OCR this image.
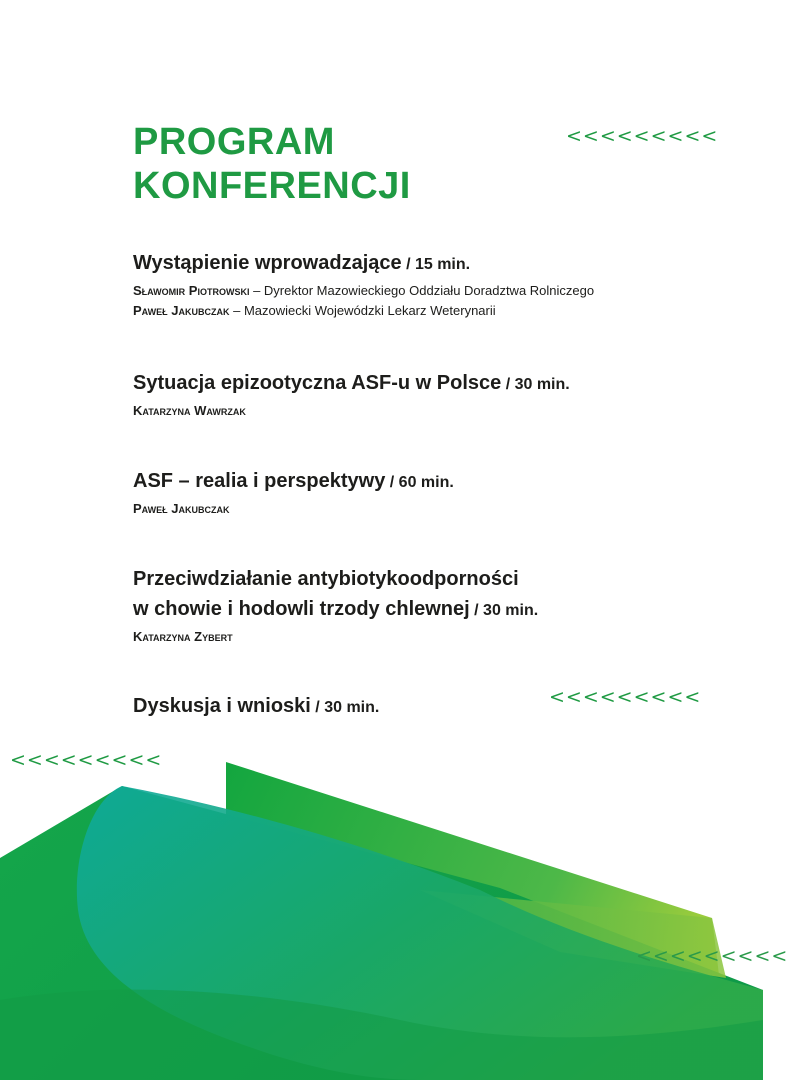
PROGRAM
KONFERENCJI
<<<<<<<<<
Wystąpienie wprowadzające / 15 min.
Sławomir Piotrowski – Dyrektor Mazowieckiego Oddziału Doradztwa Rolniczego
Paweł Jakubczak – Mazowiecki Wojewódzki Lekarz Weterynarii
Sytuacja epizootyczna ASF-u w Polsce / 30 min.
Katarzyna Wawrzak
ASF – realia i perspektywy / 60 min.
Paweł Jakubczak
Przeciwdziałanie antybiotykoodporności
w chowie i hodowli trzody chlewnej / 30 min.
Katarzyna Zybert
Dyskusja i wnioski / 30 min.	<<<<<<<<<
<<<<<<<<<
<<<<<<<<<
